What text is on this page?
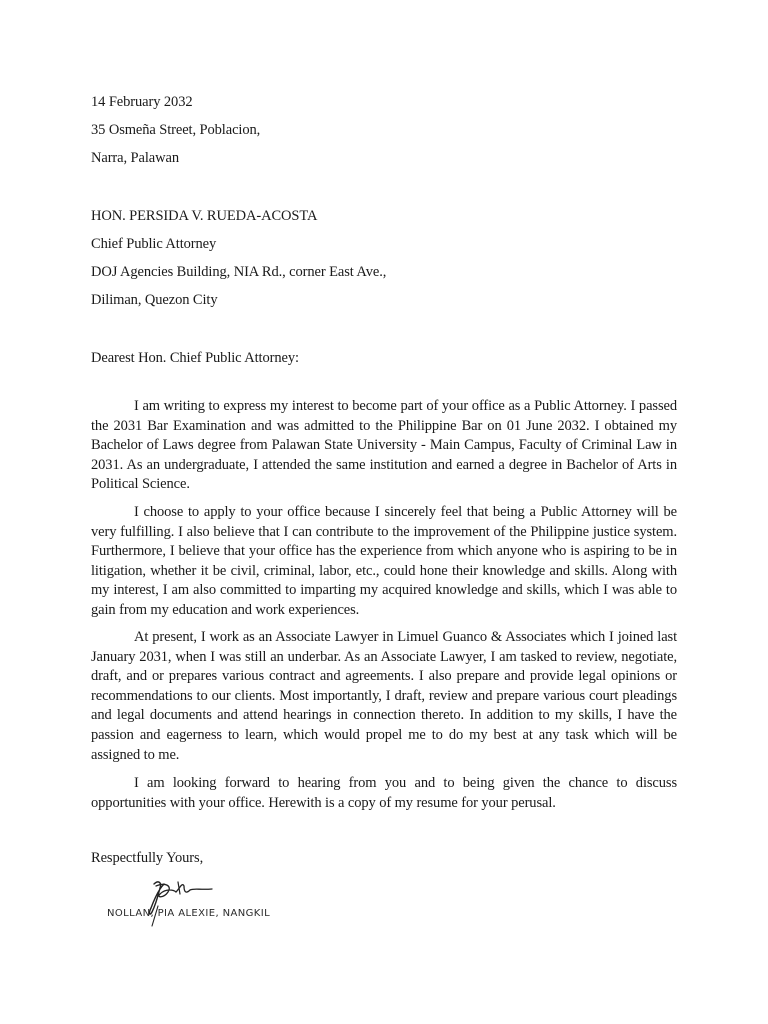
14 February 2032
35 Osmeña Street, Poblacion,
Narra, Palawan
HON. PERSIDA V. RUEDA-ACOSTA
Chief Public Attorney
DOJ Agencies Building, NIA Rd., corner East Ave.,
Diliman, Quezon City
Dearest Hon. Chief Public Attorney:

I am writing to express my interest to become part of your office as a Public Attorney. I passed the 2031 Bar Examination and was admitted to the Philippine Bar on 01 June 2032. I obtained my Bachelor of Laws degree from Palawan State University - Main Campus, Faculty of Criminal Law in 2031. As an undergraduate, I attended the same institution and earned a degree in Bachelor of Arts in Political Science.

I choose to apply to your office because I sincerely feel that being a Public Attorney will be very fulfilling. I also believe that I can contribute to the improvement of the Philippine justice system. Furthermore, I believe that your office has the experience from which anyone who is aspiring to be in litigation, whether it be civil, criminal, labor, etc., could hone their knowledge and skills. Along with my interest, I am also committed to imparting my acquired knowledge and skills, which I was able to gain from my education and work experiences.

At present, I work as an Associate Lawyer in Limuel Guanco & Associates which I joined last January 2031, when I was still an underbar. As an Associate Lawyer, I am tasked to review, negotiate, draft, and or prepares various contract and agreements. I also prepare and provide legal opinions or recommendations to our clients. Most importantly, I draft, review and prepare various court pleadings and legal documents and attend hearings in connection thereto. In addition to my skills, I have the passion and eagerness to learn, which would propel me to do my best at any task which will be assigned to me.

I am looking forward to hearing from you and to being given the chance to discuss opportunities with your office. Herewith is a copy of my resume for your perusal.

Respectfully Yours,
NOLLAN, PIA ALEXIE, NANGKIL
